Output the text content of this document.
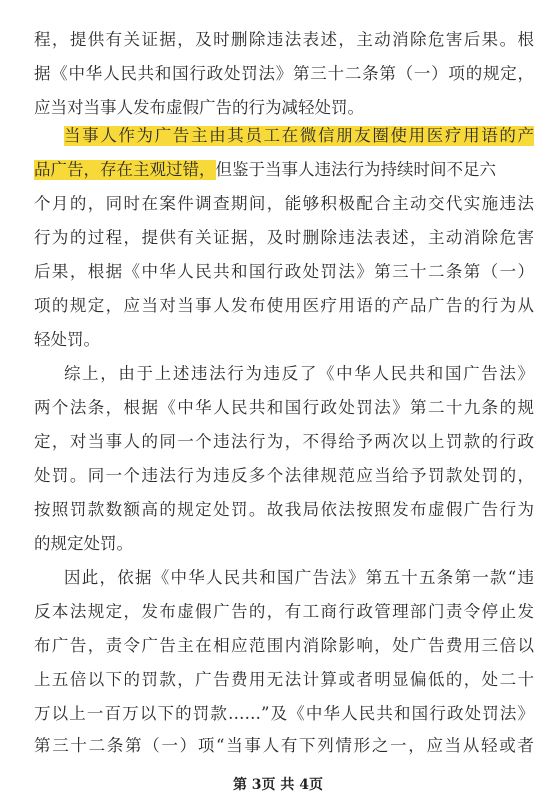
程，提供有关证据，及时删除违法表述，主动消除危害后果。根
据《中华人民共和国行政处罚法》第三十二条第（一）项的规定，
应当对当事人发布虚假广告的行为减轻处罚。
当事人作为广告主由其员工在微信朋友圈使用医疗用语的产
品广告，存在主观过错，但鉴于当事人违法行为持续时间不足六
个月的，同时在案件调查期间，能够积极配合主动交代实施违法
行为的过程，提供有关证据，及时删除违法表述，主动消除危害
后果，根据《中华人民共和国行政处罚法》第三十二条第（一）
项的规定，应当对当事人发布使用医疗用语的产品广告的行为从
轻处罚。
综上，由于上述违法行为违反了《中华人民共和国广告法》
两个法条，根据《中华人民共和国行政处罚法》第二十九条的规
定，对当事人的同一个违法行为，不得给予两次以上罚款的行政
处罚。同一个违法行为违反多个法律规范应当给予罚款处罚的，
按照罚款数额高的规定处罚。故我局依法按照发布虚假广告行为
的规定处罚。
因此，依据《中华人民共和国广告法》第五十五条第一款“违
反本法规定，发布虚假广告的，有工商行政管理部门责令停止发
布广告，责令广告主在相应范围内消除影响，处广告费用三倍以
上五倍以下的罚款，广告费用无法计算或者明显偏低的，处二十
万以上一百万以下的罚款……”及《中华人民共和国行政处罚法》
第三十二条第（一）项“当事人有下列情形之一，应当从轻或者
第 3页 共 4页
